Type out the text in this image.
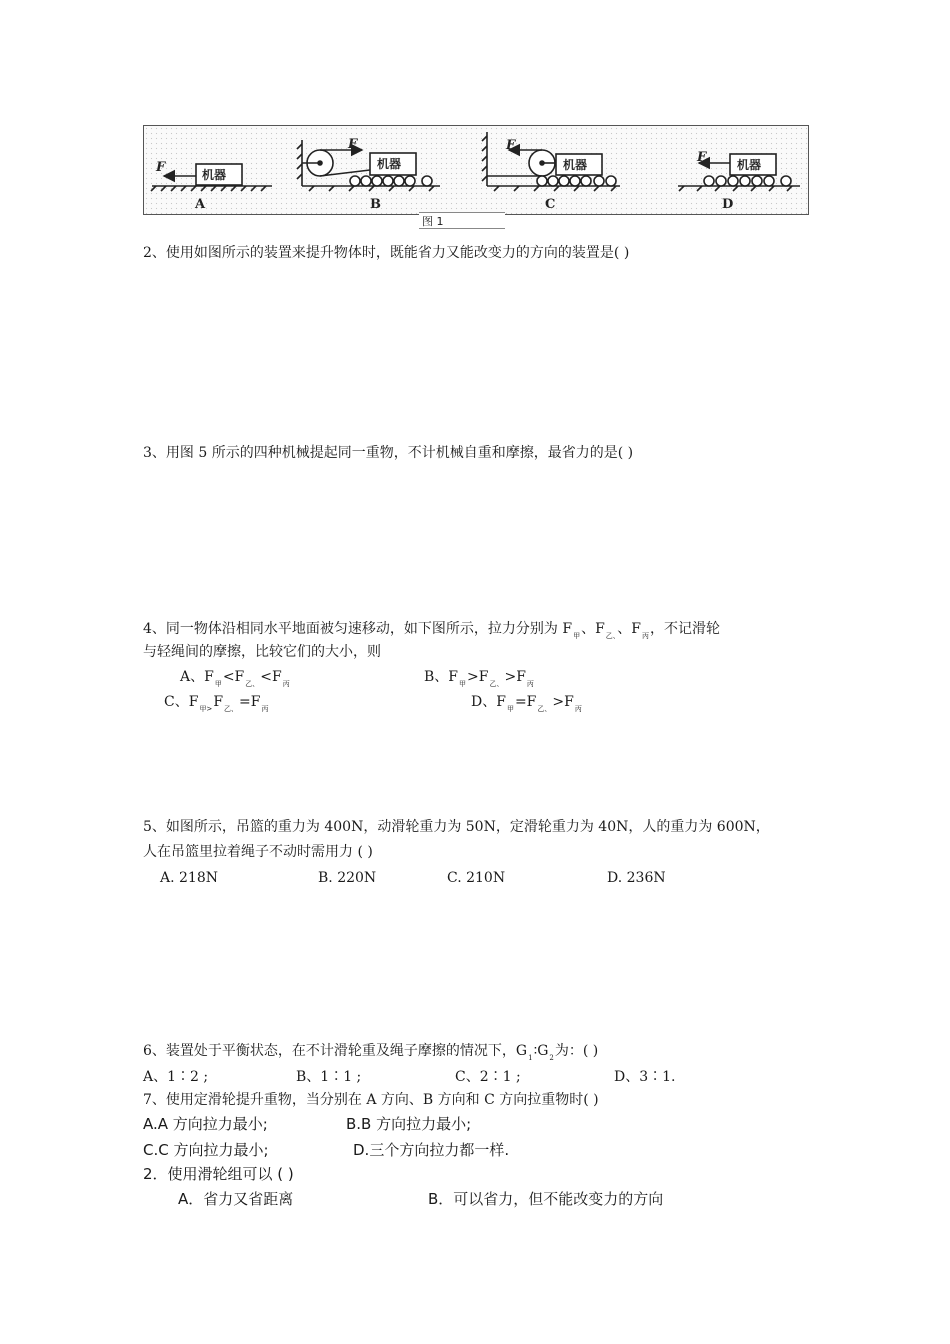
机器
机器	机器	机器
F
F	F
F
A	B	C	D
图 1
2、使用如图所示的装置来提升物体时，既能省力又能改变力的方向的装置是( )
3、用图 5 所示的四种机械提起同一重物，不计机械自重和摩擦，最省力的是( )
4、同一物体沿相同水平地面被匀速移动，如下图所示，拉力分别为 $F_甲$、$F_{乙、}$、$F_丙$，不记滑轮
与轻绳间的摩擦，比较它们的大小，则
A、$F_甲<F_{乙、}<F_丙$	B、$F_甲>F_{乙、}>F_丙$
C、$F_{甲>}F_{乙、}=F_丙$	D、$F_甲=F_{乙、}>F_丙$
5、如图所示，吊篮的重力为 400N，动滑轮重力为 50N，定滑轮重力为 40N，人的重力为 600N，
人在吊篮里拉着绳子不动时需用力 ( )
A. 218N	B. 220N	C. 210N	D. 236N
6、装置处于平衡状态，在不计滑轮重及绳子摩擦的情况下，$G_1∶G_2$为：( )
A、1∶2 ;	B、1∶1 ;	C、2∶1 ;	D、3∶1.
7、使用定滑轮提升重物，当分别在 A 方向、B 方向和 C 方向拉重物时( )
A.A 方向拉力最小;	B.B 方向拉力最小;
C.C 方向拉力最小;	D.三个方向拉力都一样.
2．使用滑轮组可以 ( )
A．省力又省距离	B．可以省力，但不能改变力的方向
